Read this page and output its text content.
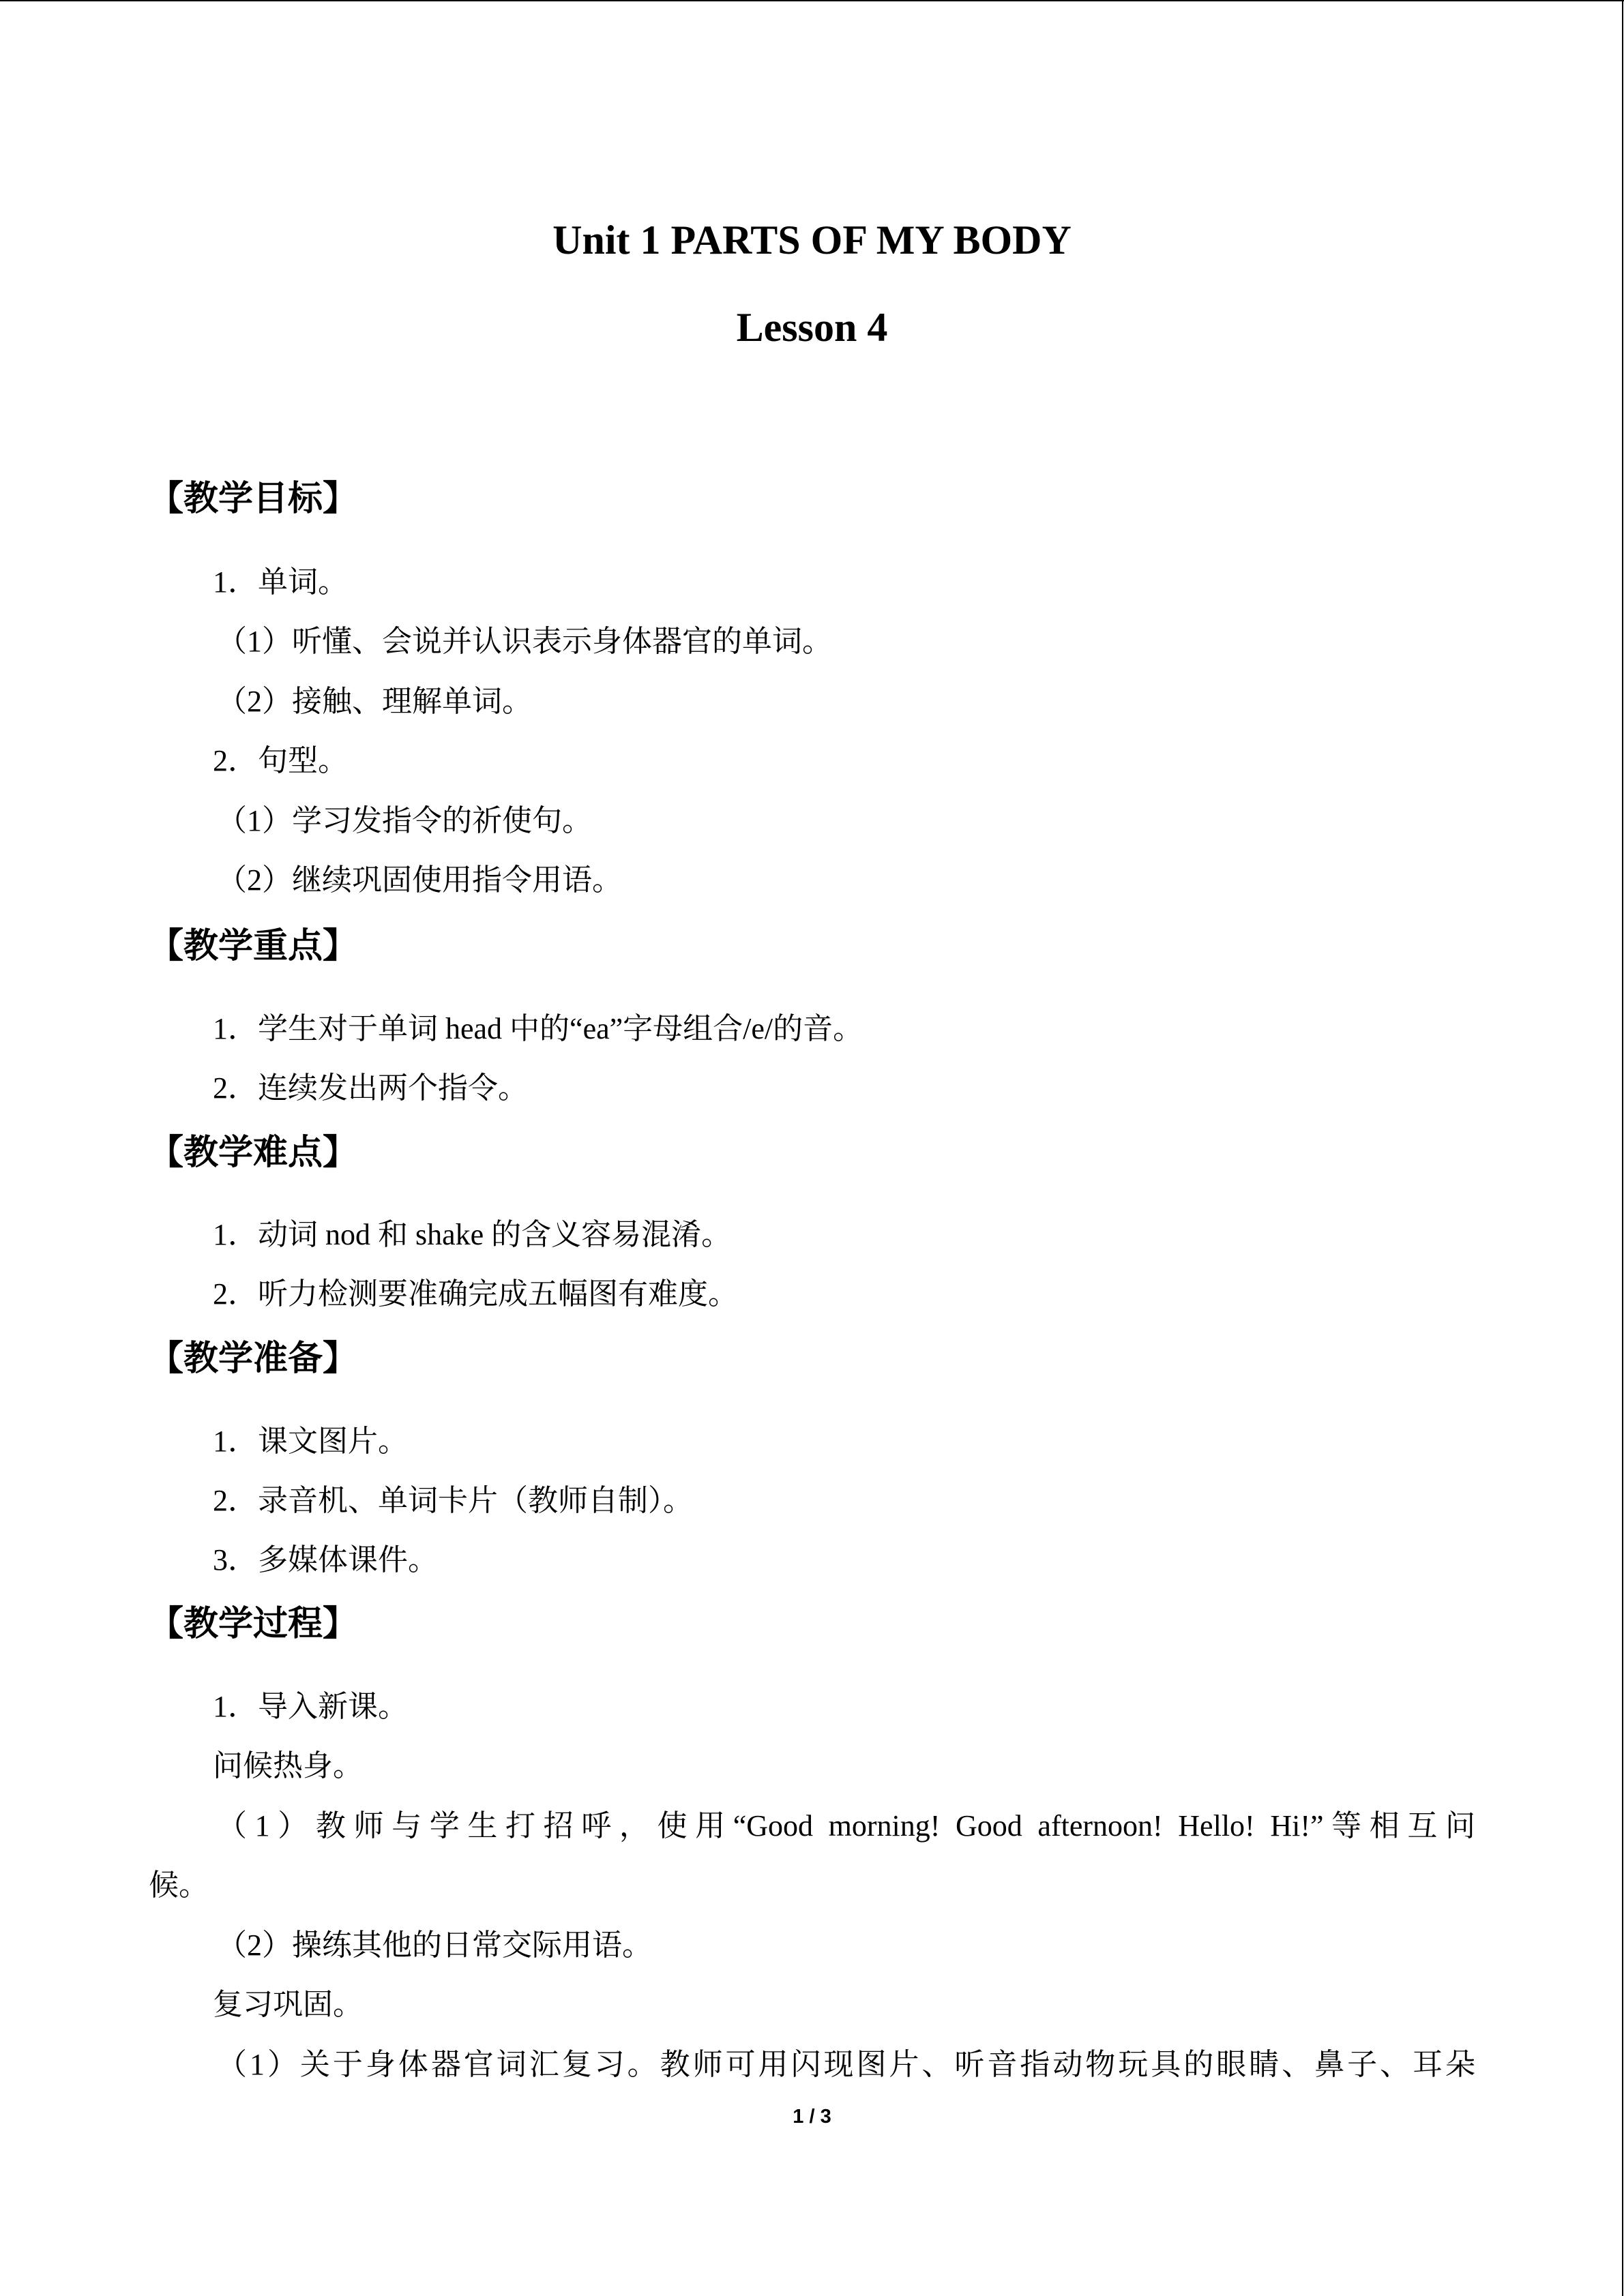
Unit 1 PARTS OF MY BODY
Lesson 4
【教学目标】
1．单词。
（1）听懂、会说并认识表示身体器官的单词。
（2）接触、理解单词。
2．句型。
（1）学习发指令的祈使句。
（2）继续巩固使用指令用语。
【教学重点】
1．学生对于单词 head 中的“ea”字母组合/e/的音。
2．连续发出两个指令。
【教学难点】
1．动词 nod 和 shake 的含义容易混淆。
2．听力检测要准确完成五幅图有难度。
【教学准备】
1．课文图片。
2．录音机、单词卡片（教师自制）。
3．多媒体课件。
【教学过程】
1．导入新课。
问候热身。
（1）教师与学生打招呼，使用“Good morning! Good afternoon! Hello! Hi!”等相互问
候。
（2）操练其他的日常交际用语。
复习巩固。
（1）关于身体器官词汇复习。教师可用闪现图片、听音指动物玩具的眼睛、鼻子、耳朵
1 / 3
